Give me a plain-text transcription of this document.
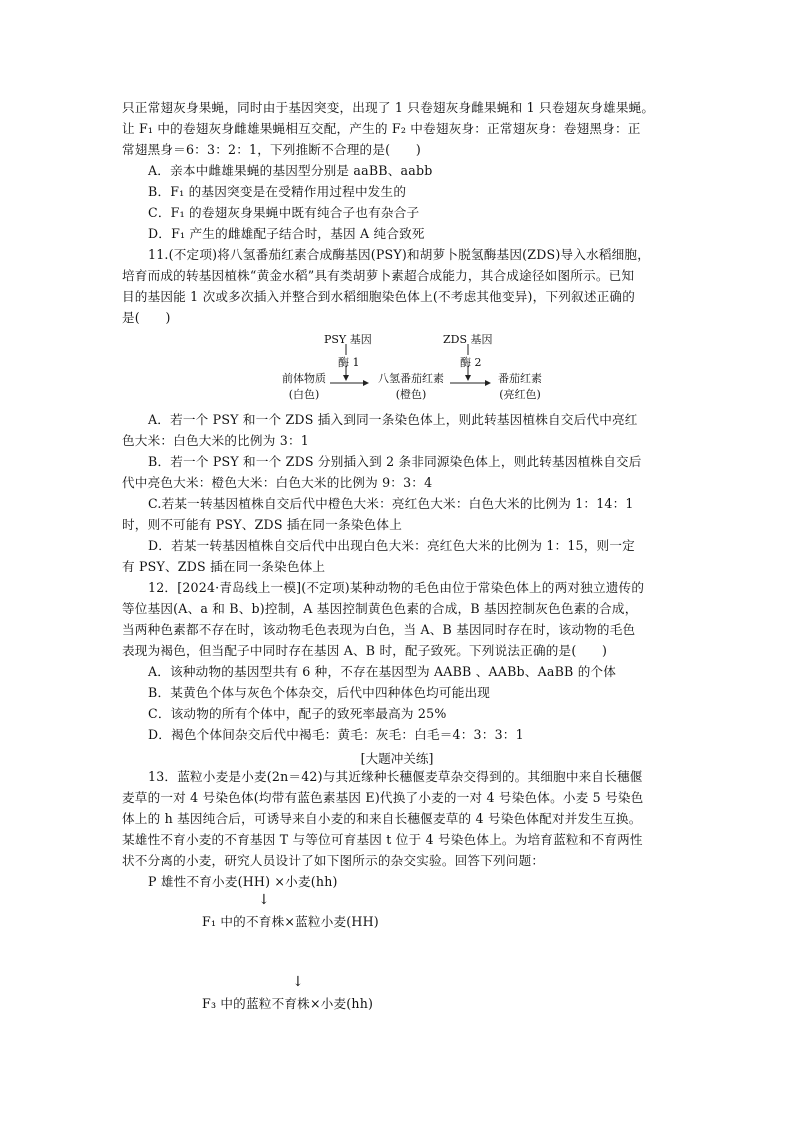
只正常翅灰身果蝇，同时由于基因突变，出现了 1 只卷翅灰身雌果蝇和 1 只卷翅灰身雄果蝇。
让 F₁ 中的卷翅灰身雌雄果蝇相互交配，产生的 F₂ 中卷翅灰身：正常翅灰身：卷翅黑身：正
常翅黑身＝6：3：2：1，下列推断不合理的是(　　)
A．亲本中雌雄果蝇的基因型分别是 aaBB、aabb
B．F₁ 的基因突变是在受精作用过程中发生的
C．F₁ 的卷翅灰身果蝇中既有纯合子也有杂合子
D．F₁ 产生的雌雄配子结合时，基因 A 纯合致死
11.(不定项)将八氢番茄红素合成酶基因(PSY)和胡萝卜脱氢酶基因(ZDS)导入水稻细胞，
培育而成的转基因植株“黄金水稻”具有类胡萝卜素超合成能力，其合成途径如图所示。已知
目的基因能 1 次或多次插入并整合到水稻细胞染色体上(不考虑其他变异)，下列叙述正确的
是(　　)
PSY 基因	ZDS 基因
酶 1	酶 2
前体物质
(白色)
八氢番茄红素
(橙色)
番茄红素
(亮红色)
A．若一个 PSY 和一个 ZDS 插入到同一条染色体上，则此转基因植株自交后代中亮红
色大米：白色大米的比例为 3：1
B．若一个 PSY 和一个 ZDS 分别插入到 2 条非同源染色体上，则此转基因植株自交后
代中亮色大米：橙色大米：白色大米的比例为 9：3：4
C.若某一转基因植株自交后代中橙色大米：亮红色大米：白色大米的比例为 1：14：1
时，则不可能有 PSY、ZDS 插在同一条染色体上
D．若某一转基因植株自交后代中出现白色大米：亮红色大米的比例为 1：15，则一定
有 PSY、ZDS 插在同一条染色体上
12．[2024·青岛线上一模](不定项)某种动物的毛色由位于常染色体上的两对独立遗传的
等位基因(A、a 和 B、b)控制，A 基因控制黄色色素的合成，B 基因控制灰色色素的合成，
当两种色素都不存在时，该动物毛色表现为白色，当 A、B 基因同时存在时，该动物的毛色
表现为褐色，但当配子中同时存在基因 A、B 时，配子致死。下列说法正确的是(　　)
A．该种动物的基因型共有 6 种，不存在基因型为 AABB 、AABb、AaBB 的个体
B．某黄色个体与灰色个体杂交，后代中四种体色均可能出现
C．该动物的所有个体中，配子的致死率最高为 25%
D．褐色个体间杂交后代中褐毛：黄毛：灰毛：白毛＝4：3：3：1
[大题冲关练]
13．蓝粒小麦是小麦(2n＝42)与其近缘种长穗偃麦草杂交得到的。其细胞中来自长穗偃
麦草的一对 4 号染色体(均带有蓝色素基因 E)代换了小麦的一对 4 号染色体。小麦 5 号染色
体上的 h 基因纯合后，可诱导来自小麦的和来自长穗偃麦草的 4 号染色体配对并发生互换。
某雄性不育小麦的不育基因 T 与等位可育基因 t 位于 4 号染色体上。为培育蓝粒和不育两性
状不分离的小麦，研究人员设计了如下图所示的杂交实验。回答下列问题：
P 雄性不育小麦(HH) ×小麦(hh)
↓
F₁ 中的不育株×蓝粒小麦(HH)
↓
F₃ 中的蓝粒不育株×小麦(hh)
